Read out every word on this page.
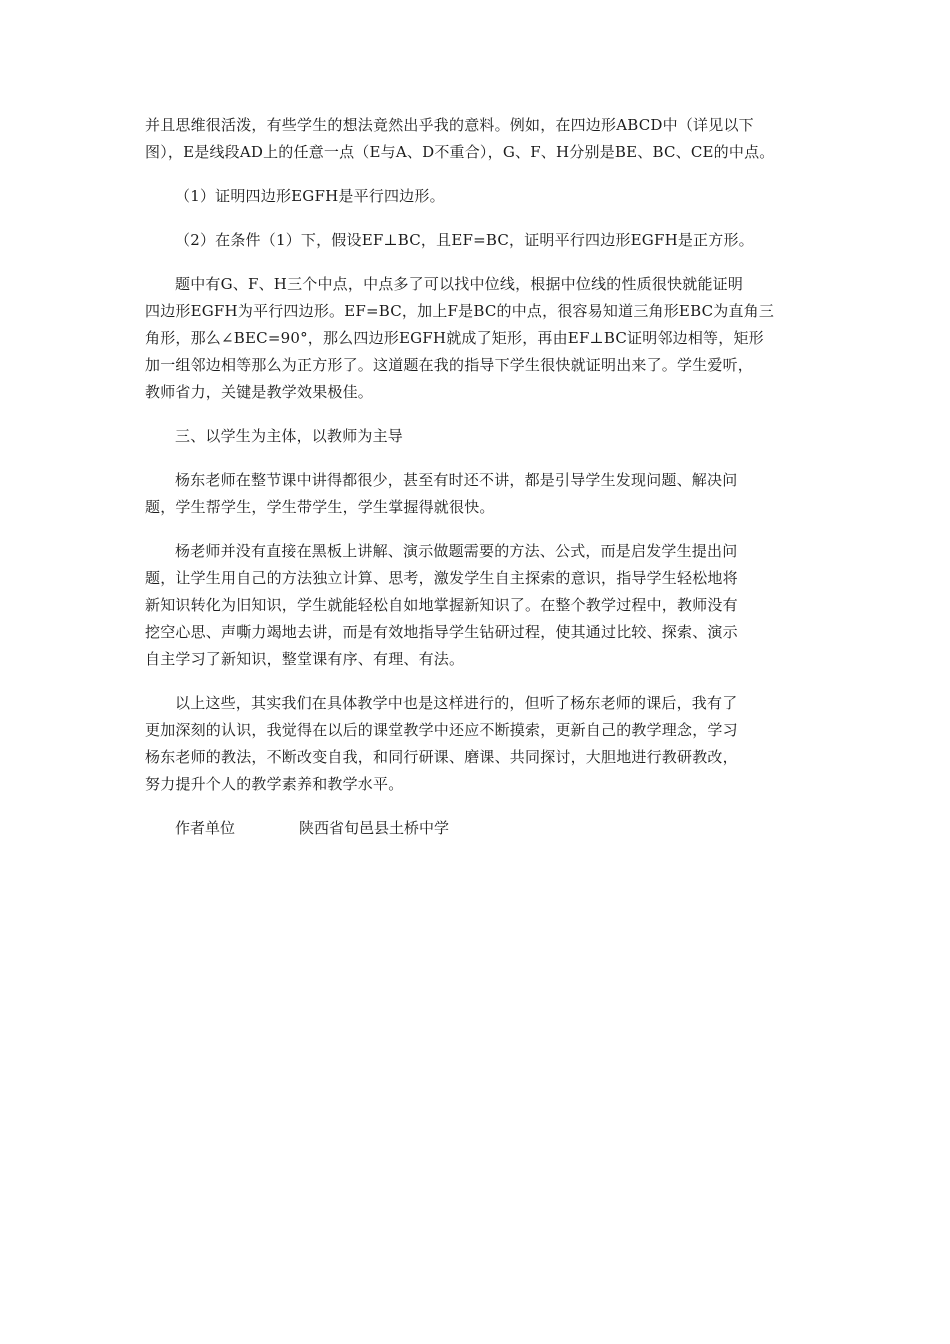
并且思维很活泼，有些学生的想法竟然出乎我的意料。例如，在四边形ABCD中（详见以下
图），E是线段AD上的任意一点（E与A、D不重合），G、F、H分别是BE、BC、CE的中点。
（1）证明四边形EGFH是平行四边形。
（2）在条件（1）下，假设EF⊥BC，且EF=BC，证明平行四边形EGFH是正方形。
题中有G、F、H三个中点，中点多了可以找中位线，根据中位线的性质很快就能证明
四边形EGFH为平行四边形。EF=BC，加上F是BC的中点，很容易知道三角形EBC为直角三
角形，那么∠BEC=90°，那么四边形EGFH就成了矩形，再由EF⊥BC证明邻边相等，矩形
加一组邻边相等那么为正方形了。这道题在我的指导下学生很快就证明出来了。学生爱听，
教师省力，关键是教学效果极佳。
三、以学生为主体，以教师为主导
杨东老师在整节课中讲得都很少，甚至有时还不讲，都是引导学生发现问题、解决问
题，学生帮学生，学生带学生，学生掌握得就很快。
杨老师并没有直接在黑板上讲解、演示做题需要的方法、公式，而是启发学生提出问
题，让学生用自己的方法独立计算、思考，激发学生自主探索的意识，指导学生轻松地将
新知识转化为旧知识，学生就能轻松自如地掌握新知识了。在整个教学过程中，教师没有
挖空心思、声嘶力竭地去讲，而是有效地指导学生钻研过程，使其通过比较、探索、演示
自主学习了新知识，整堂课有序、有理、有法。
以上这些，其实我们在具体教学中也是这样进行的，但听了杨东老师的课后，我有了
更加深刻的认识，我觉得在以后的课堂教学中还应不断摸索，更新自己的教学理念，学习
杨东老师的教法，不断改变自我，和同行研课、磨课、共同探讨，大胆地进行教研教改，
努力提升个人的教学素养和教学水平。
作者单位	陕西省旬邑县土桥中学
